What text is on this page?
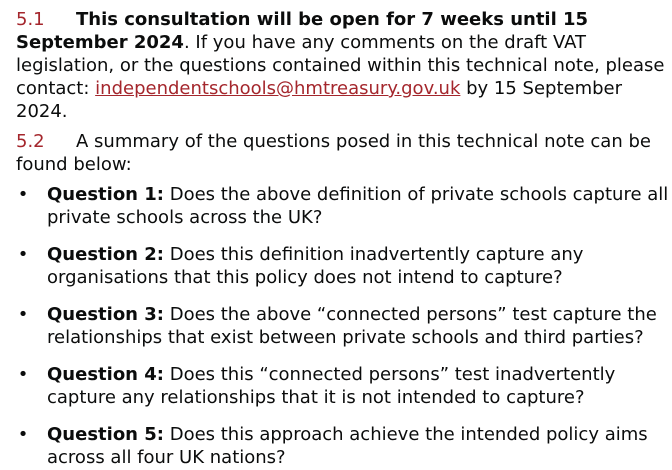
5.1 This consultation will be open for 7 weeks until 15 September 2024. If you have any comments on the draft VAT legislation, or the questions contained within this technical note, please contact: independentschools@hmtreasury.gov.uk by 15 September 2024.

5.2 A summary of the questions posed in this technical note can be found below:

• Question 1: Does the above definition of private schools capture all private schools across the UK?
• Question 2: Does this definition inadvertently capture any organisations that this policy does not intend to capture?
• Question 3: Does the above “connected persons” test capture the relationships that exist between private schools and third parties?
• Question 4: Does this “connected persons” test inadvertently capture any relationships that it is not intended to capture?
• Question 5: Does this approach achieve the intended policy aims across all four UK nations?
